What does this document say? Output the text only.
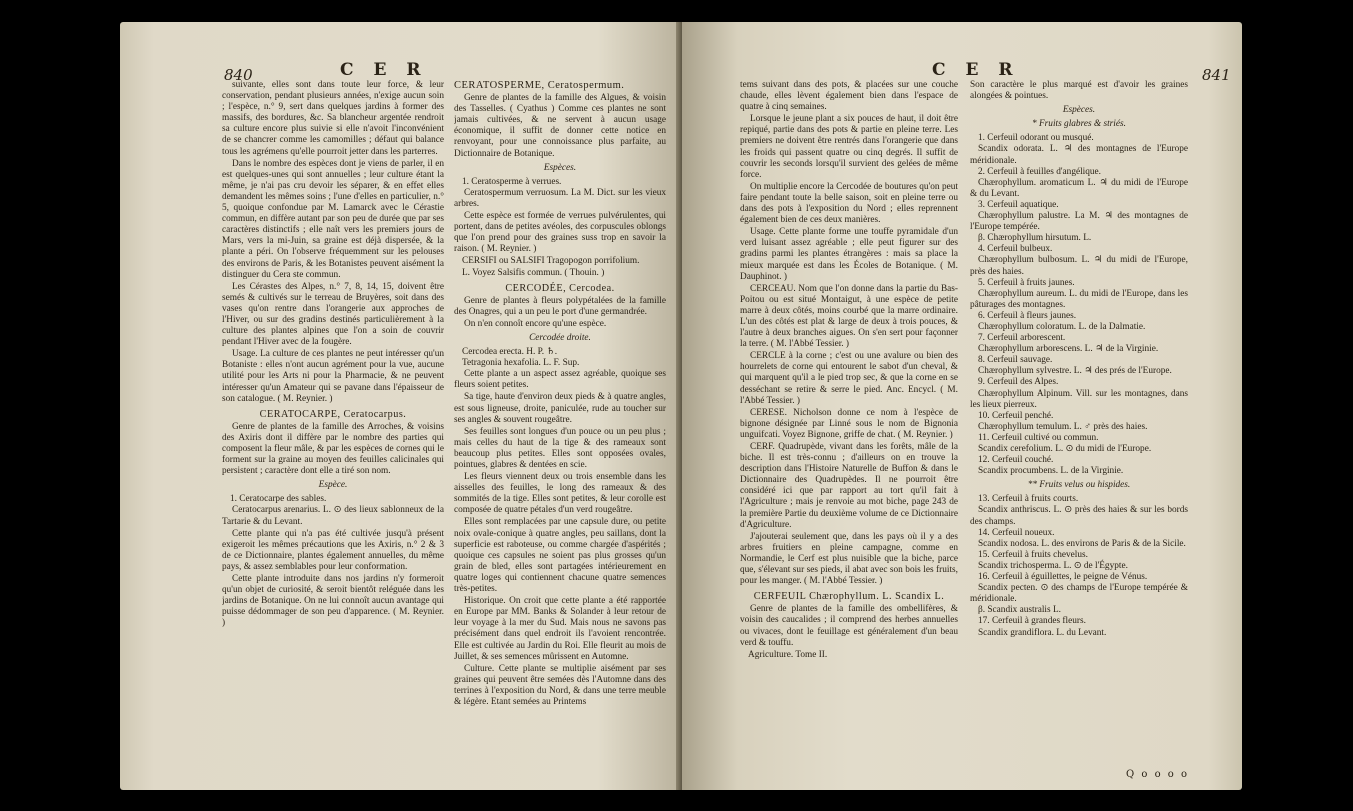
840	C E R

suivante, elles sont dans toute leur force, & leur conservation, pendant plusieurs années, n'exige aucun soin ; l'espèce, n.° 9, sert dans quelques jardins à former des massifs, des bordures, &c. Sa blancheur argentée rendroit sa culture encore plus suivie si elle n'avoit l'inconvénient de se chancrer comme les camomilles ; défaut qui balance tous les agrémens qu'elle pourroit jetter dans les parterres.

Dans le nombre des espèces dont je viens de parler, il en est quelques-unes qui sont annuelles ; leur culture étant la même, je n'ai pas cru devoir les séparer, & en effet elles demandent les mêmes soins ; l'une d'elles en particulier, n.° 5, quoique confondue par M. Lamarck avec le Cérastie commun, en diffère autant par son peu de durée que par ses caractères distinctifs ; elle naît vers les premiers jours de Mars, vers la mi-Juin, sa graine est déjà dispersée, & la plante a péri. On l'observe fréquemment sur les pelouses des environs de Paris, & les Botanistes peuvent aisément la distinguer du Cera ste commun.

Les Cérastes des Alpes, n.° 7, 8, 14, 15, doivent être semés & cultivés sur le terreau de Bruyères, soit dans des vases qu'on rentre dans l'orangerie aux approches de l'Hiver, ou sur des gradins destinés particulièrement à la culture des plantes alpines que l'on a soin de couvrir pendant l'Hiver avec de la fougère.

Usage. La culture de ces plantes ne peut intéresser qu'un Botaniste : elles n'ont aucun agrément pour la vue, aucune utilité pour les Arts ni pour la Pharmacie, & ne peuvent intéresser qu'un Amateur qui se pavane dans l'épaisseur de son catalogue. ( M. Reynier. )

CERATOCARPE, Ceratocarpus.

Genre de plantes de la famille des Arroches, & voisins des Axiris dont il diffère par le nombre des parties qui composent la fleur mâle, & par les espèces de cornes qui le forment sur la graine au moyen des feuilles calicinales qui persistent ; caractère dont elle a tiré son nom.

Espèce.

1. Ceratocarpe des sables.

Ceratocarpus arenarius. L. ⊙ des lieux sablonneux de la Tartarie & du Levant.

Cette plante qui n'a pas été cultivée jusqu'à présent exigeroit les mêmes précautions que les Axiris, n.° 2 & 3 de ce Dictionnaire, plantes également annuelles, du même pays, & assez semblables pour leur conformation.

Cette plante introduite dans nos jardins n'y formeroit qu'un objet de curiosité, & seroit bientôt reléguée dans les jardins de Botanique. On ne lui connoît aucun avantage qui puisse dédommager de son peu d'apparence. ( M. Reynier. )

CERATOSPERME, Ceratospermum.

Genre de plantes de la famille des Algues, & voisin des Tasselles. ( Cyathus ) Comme ces plantes ne sont jamais cultivées, & ne servent à aucun usage économique, il suffit de donner cette notice en renvoyant, pour une connoissance plus parfaite, au Dictionnaire de Botanique.

Espèces.

1. Ceratosperme à verrues.

Ceratospermum verruosum. La M. Dict. sur les vieux arbres.

Cette espèce est formée de verrues pulvérulentes, qui portent, dans de petites avéoles, des corpuscules oblongs que l'on prend pour des graines suss trop en savoir la raison. ( M. Reynier. )

CERSIFI ou SALSIFI Tragopogon porrifolium.

L. Voyez Salsifis commun. ( Thouin. )

CERCODÉE, Cercodea.

Genre de plantes à fleurs polypétalées de la famille des Onagres, qui a un peu le port d'une germandrée.

On n'en connoît encore qu'une espèce.

Cercodée droite.

Cercodea erecta. H. P. ♄.

Tetragonia hexafolia. L. F. Sup.

Cette plante a un aspect assez agréable, quoique ses fleurs soient petites.

Sa tige, haute d'environ deux pieds & à quatre angles, est sous ligneuse, droite, paniculée, rude au toucher sur ses angles & souvent rougeâtre.

Ses feuilles sont longues d'un pouce ou un peu plus ; mais celles du haut de la tige & des rameaux sont beaucoup plus petites. Elles sont opposées ovales, pointues, glabres & dentées en scie.

Les fleurs viennent deux ou trois ensemble dans les aisselles des feuilles, le long des rameaux & des sommités de la tige. Elles sont petites, & leur corolle est composée de quatre pétales d'un verd rougeâtre.

Elles sont remplacées par une capsule dure, ou petite noix ovale-conique à quatre angles, peu saillans, dont la superficie est raboteuse, ou comme chargée d'aspérités ; quoique ces capsules ne soient pas plus grosses qu'un grain de bled, elles sont partagées intérieurement en quatre loges qui contiennent chacune quatre semences très-petites.

Historique. On croit que cette plante a été rapportée en Europe par MM. Banks & Solander à leur retour de leur voyage à la mer du Sud. Mais nous ne savons pas précisément dans quel endroit ils l'avoient rencontrée. Elle est cultivée au Jardin du Roi. Elle fleurit au mois de Juillet, & ses semences mûrissent en Automne.

Culture. Cette plante se multiplie aisément par ses graines qui peuvent être semées dès l'Automne dans des terrines à l'exposition du Nord, & dans une terre meuble & légère. Etant semées au Printems

C E R	841

tems suivant dans des pots, & placées sur une couche chaude, elles lèvent également bien dans l'espace de quatre à cinq semaines.

Lorsque le jeune plant a six pouces de haut, il doit être repiqué, partie dans des pots & partie en pleine terre. Les premiers ne doivent être rentrés dans l'orangerie que dans les froids qui passent quatre ou cinq degrés. Il suffit de couvrir les seconds lorsqu'il survient des gelées de même force.

On multiplie encore la Cercodée de boutures qu'on peut faire pendant toute la belle saison, soit en pleine terre ou dans des pots à l'exposition du Nord ; elles reprennent également bien de ces deux manières.

Usage. Cette plante forme une touffe pyramidale d'un verd luisant assez agréable ; elle peut figurer sur des gradins parmi les plantes étrangères : mais sa place la mieux marquée est dans les Écoles de Botanique. ( M. Dauphinot. )

CERCEAU. Nom que l'on donne dans la partie du Bas-Poitou ou est situé Montaigut, à une espèce de petite marre à deux côtés, moins courbé que la marre ordinaire. L'un des côtés est plat & large de deux à trois pouces, & l'autre à deux branches aigues. On s'en sert pour façonner la terre. ( M. l'Abbé Tessier. )

CERCLE à la corne ; c'est ou une avalure ou bien des hourrelets de corne qui entourent le sabot d'un cheval, & qui marquent qu'il a le pied trop sec, & que la corne en se desséchant se retire & serre le pied. Anc. Encycl. ( M. l'Abbé Tessier. )

CERESE. Nicholson donne ce nom à l'espèce de bignone désignée par Linné sous le nom de Bignonia unguifcati. Voyez Bignone, griffe de chat. ( M. Reynier. )

CERF. Quadrupède, vivant dans les forêts, mâle de la biche. Il est très-connu ; d'ailleurs on en trouve la description dans l'Histoire Naturelle de Buffon & dans le Dictionnaire des Quadrupèdes. Il ne pourroit être considéré ici que par rapport au tort qu'il fait à l'Agriculture ; mais je renvoie au mot biche, page 243 de la première Partie du deuxième volume de ce Dictionnaire d'Agriculture.

J'ajouterai seulement que, dans les pays où il y a des arbres fruitiers en pleine campagne, comme en Normandie, le Cerf est plus nuisible que la biche, parce que, s'élevant sur ses pieds, il abat avec son bois les fruits, pour les manger. ( M. l'Abbé Tessier. )

CERFEUIL Chærophyllum. L. Scandix L.

Genre de plantes de la famille des ombellifères, & voisin des caucalides ; il comprend des herbes annuelles ou vivaces, dont le feuillage est généralement d'un beau verd & touffu.

Agriculture. Tome II.

Son caractère le plus marqué est d'avoir les graines alongées & pointues.

Espèces.

* Fruits glabres & striés.

1. Cerfeuil odorant ou musqué.

Scandix odorata. L. ♃ des montagnes de l'Europe méridionale.

2. Cerfeuil à feuilles d'angélique.

Chærophyllum. aromaticum L. ♃ du midi de l'Europe & du Levant.

3. Cerfeuil aquatique.

Chærophyllum palustre. La M. ♃ des montagnes de l'Europe tempérée.

β. Chærophyllum hirsutum. L.

4. Cerfeuil bulbeux.

Chærophyllum bulbosum. L. ♃ du midi de l'Europe, près des haies.

5. Cerfeuil à fruits jaunes.

Chærophyllum aureum. L. du midi de l'Europe, dans les pâturages des montagnes.

6. Cerfeuil à fleurs jaunes.

Chærophyllum coloratum. L. de la Dalmatie.

7. Cerfeuil arborescent.

Chærophyllum arborescens. L. ♃ de la Virginie.

8. Cerfeuil sauvage.

Chærophyllum sylvestre. L. ♃ des prés de l'Europe.

9. Cerfeuil des Alpes.

Chærophyllum Alpinum. Vill. sur les montagnes, dans les lieux pierreux.

10. Cerfeuil penché.

Chærophyllum temulum. L. ♂ près des haies.

11. Cerfeuil cultivé ou commun.

Scandix cerefolium. L. ⊙ du midi de l'Europe.

12. Cerfeuil couché.

Scandix procumbens. L. de la Virginie.

** Fruits velus ou hispides.

13. Cerfeuil à fruits courts.

Scandix anthriscus. L. ⊙ près des haies & sur les bords des champs.

14. Cerfeuil noueux.

Scandix nodosa. L. des environs de Paris & de la Sicile.

15. Cerfeuil à fruits chevelus.

Scandix trichosperma. L. ⊙ de l'Égypte.

16. Cerfeuil à éguillettes, le peigne de Vénus.

Scandix pecten. ⊙ des champs de l'Europe tempérée & méridionale.

β. Scandix australis L.

17. Cerfeuil à grandes fleurs.

Scandix grandiflora. L. du Levant.

Q o o o o
